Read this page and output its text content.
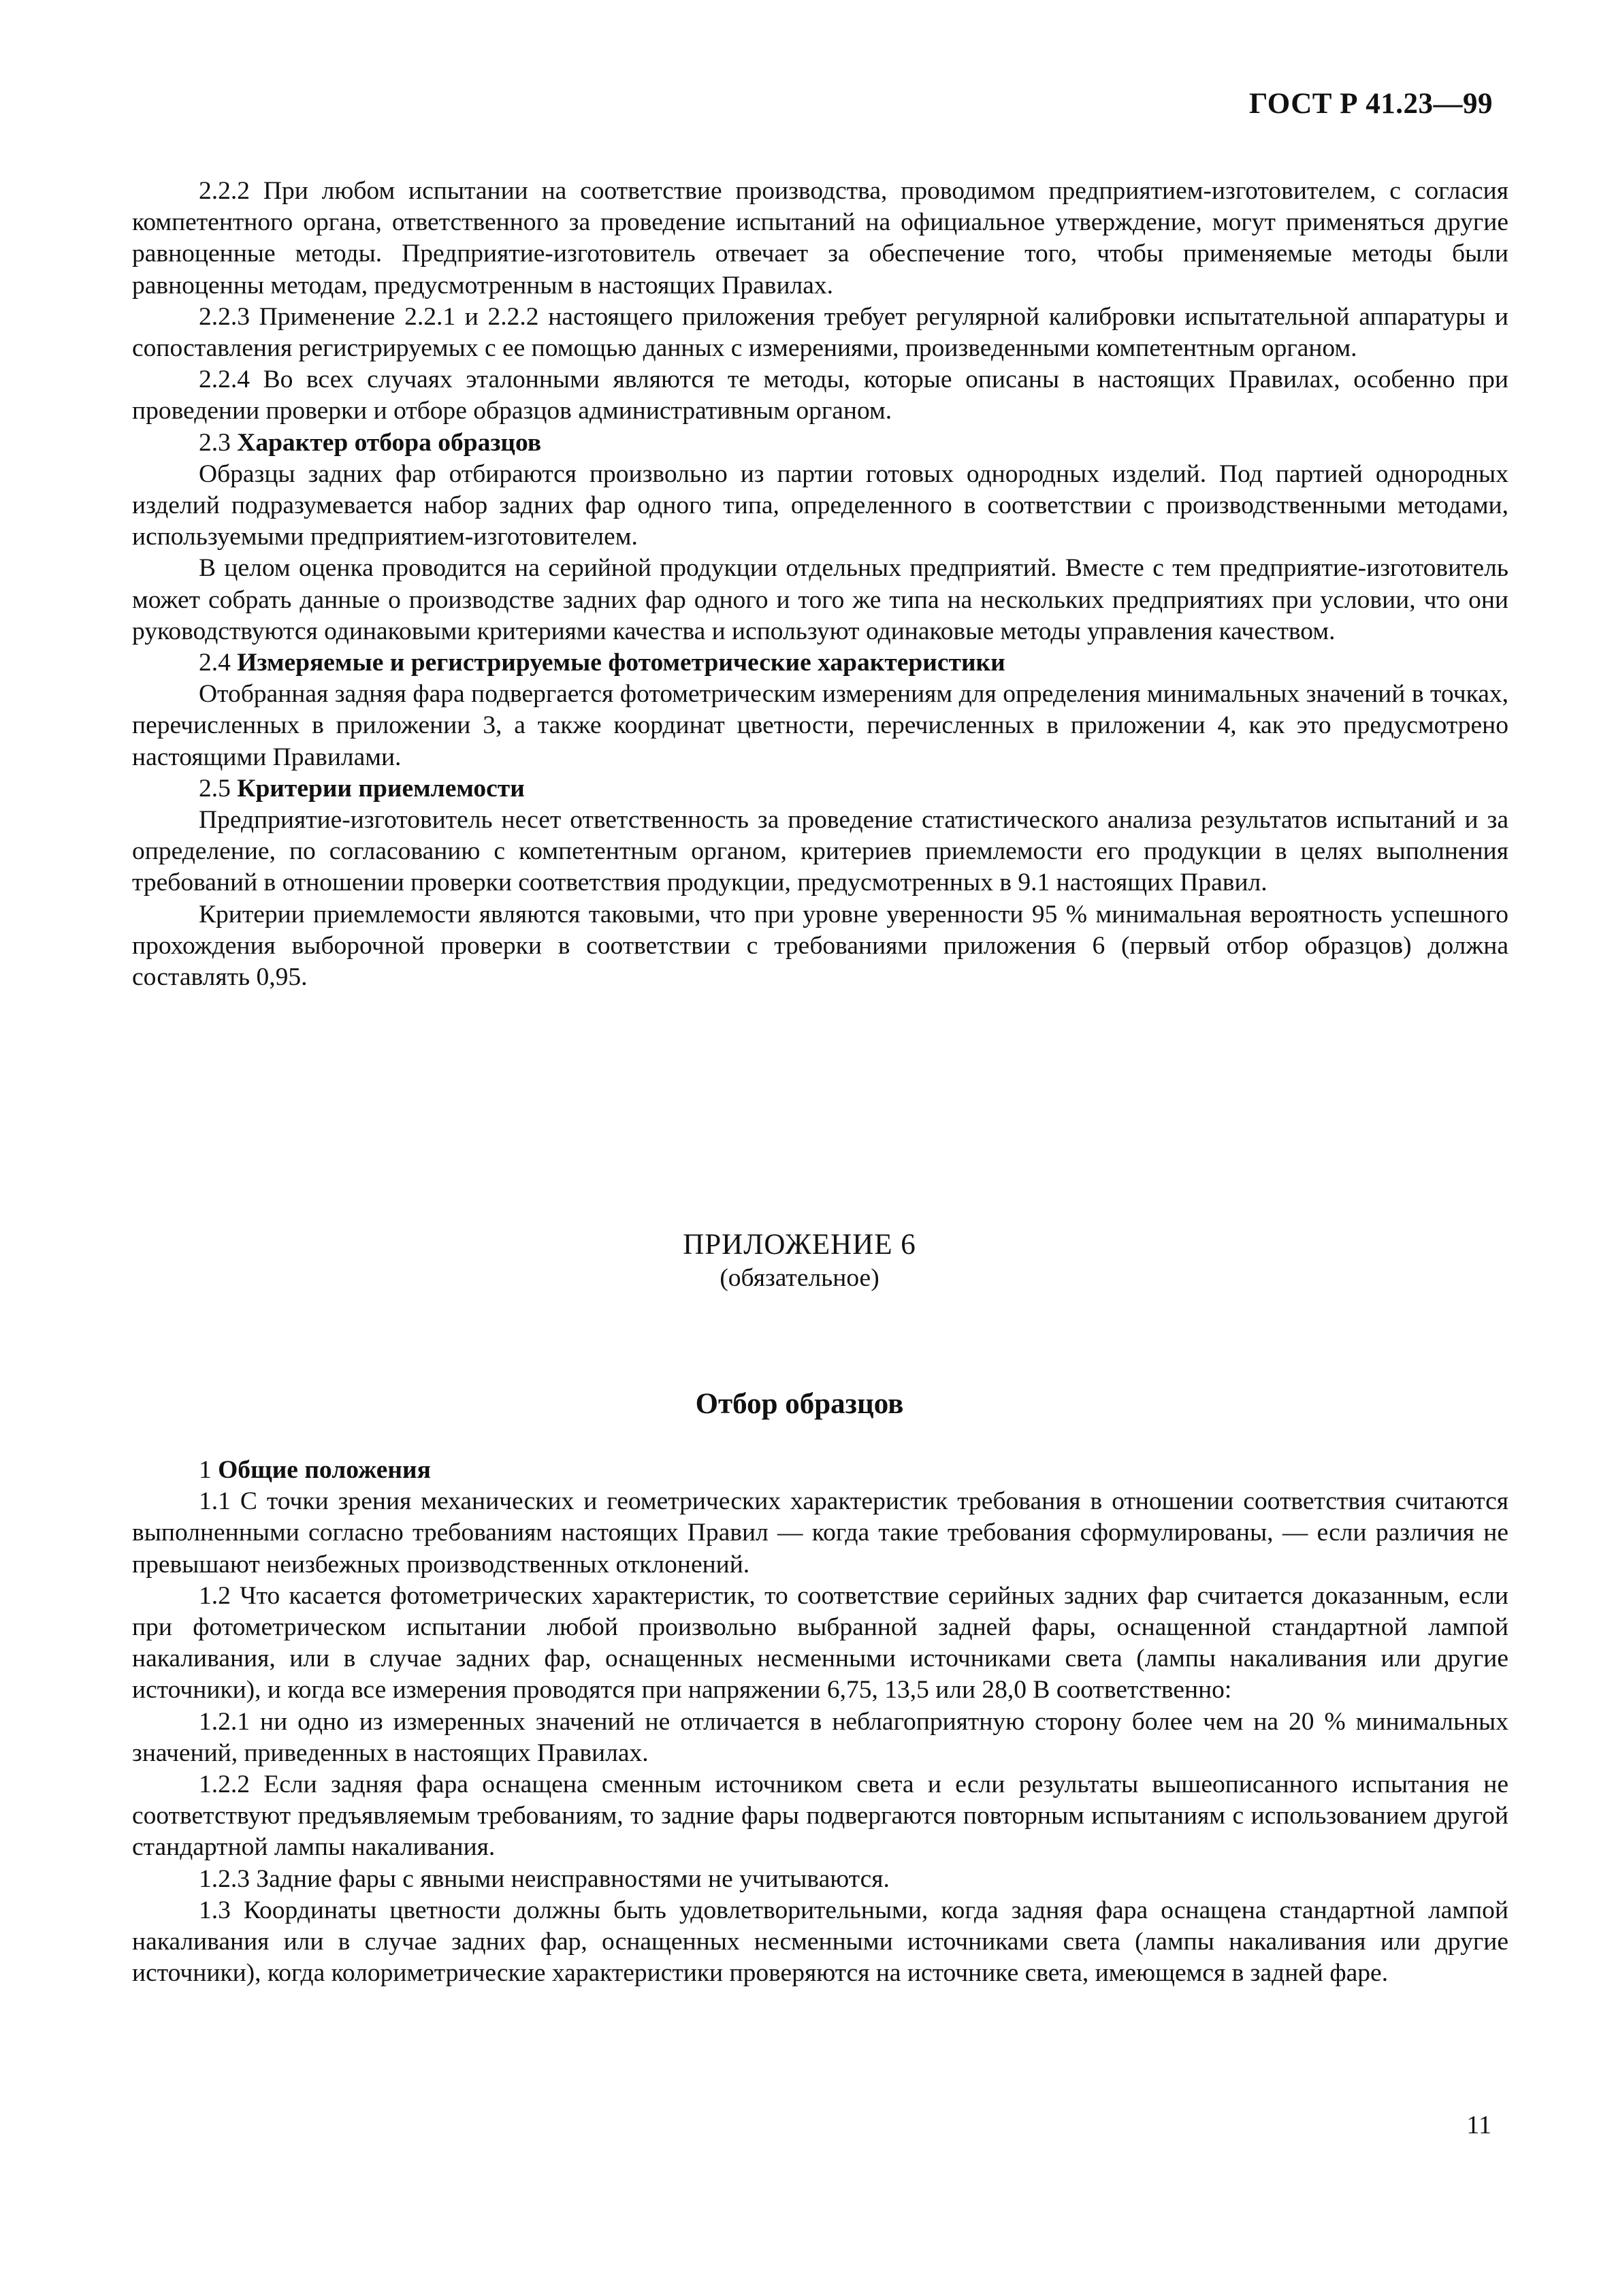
ГОСТ Р 41.23—99

2.2.2 При любом испытании на соответствие производства, проводимом предприятием-изготовителем, с согласия компетентного органа, ответственного за проведение испытаний на официальное утверждение, могут применяться другие равноценные методы. Предприятие-изготовитель отвечает за обеспечение того, чтобы применяемые методы были равноценны методам, предусмотренным в настоящих Правилах.

2.2.3 Применение 2.2.1 и 2.2.2 настоящего приложения требует регулярной калибровки испытательной аппаратуры и сопоставления регистрируемых с ее помощью данных с измерениями, произведенными компетентным органом.

2.2.4 Во всех случаях эталонными являются те методы, которые описаны в настоящих Правилах, особенно при проведении проверки и отборе образцов административным органом.

2.3 Характер отбора образцов

Образцы задних фар отбираются произвольно из партии готовых однородных изделий. Под партией однородных изделий подразумевается набор задних фар одного типа, определенного в соответствии с производственными методами, используемыми предприятием-изготовителем.

В целом оценка проводится на серийной продукции отдельных предприятий. Вместе с тем предприятие-изготовитель может собрать данные о производстве задних фар одного и того же типа на нескольких предприятиях при условии, что они руководствуются одинаковыми критериями качества и используют одинаковые методы управления качеством.

2.4 Измеряемые и регистрируемые фотометрические характеристики

Отобранная задняя фара подвергается фотометрическим измерениям для определения минимальных значений в точках, перечисленных в приложении 3, а также координат цветности, перечисленных в приложении 4, как это предусмотрено настоящими Правилами.

2.5 Критерии приемлемости

Предприятие-изготовитель несет ответственность за проведение статистического анализа результатов испытаний и за определение, по согласованию с компетентным органом, критериев приемлемости его продукции в целях выполнения требований в отношении проверки соответствия продукции, предусмотренных в 9.1 настоящих Правил.

Критерии приемлемости являются таковыми, что при уровне уверенности 95 % минимальная вероятность успешного прохождения выборочной проверки в соответствии с требованиями приложения 6 (первый отбор образцов) должна составлять 0,95.

ПРИЛОЖЕНИЕ 6
(обязательное)
Отбор образцов

1 Общие положения

1.1 С точки зрения механических и геометрических характеристик требования в отношении соответствия считаются выполненными согласно требованиям настоящих Правил — когда такие требования сформулированы, — если различия не превышают неизбежных производственных отклонений.

1.2 Что касается фотометрических характеристик, то соответствие серийных задних фар считается доказанным, если при фотометрическом испытании любой произвольно выбранной задней фары, оснащенной стандартной лампой накаливания, или в случае задних фар, оснащенных несменными источниками света (лампы накаливания или другие источники), и когда все измерения проводятся при напряжении 6,75, 13,5 или 28,0 В соответственно:

1.2.1 ни одно из измеренных значений не отличается в неблагоприятную сторону более чем на 20 % минимальных значений, приведенных в настоящих Правилах.

1.2.2 Если задняя фара оснащена сменным источником света и если результаты вышеописанного испытания не соответствуют предъявляемым требованиям, то задние фары подвергаются повторным испытаниям с использованием другой стандартной лампы накаливания.

1.2.3 Задние фары с явными неисправностями не учитываются.

1.3 Координаты цветности должны быть удовлетворительными, когда задняя фара оснащена стандартной лампой накаливания или в случае задних фар, оснащенных несменными источниками света (лампы накаливания или другие источники), когда колориметрические характеристики проверяются на источнике света, имеющемся в задней фаре.

11
